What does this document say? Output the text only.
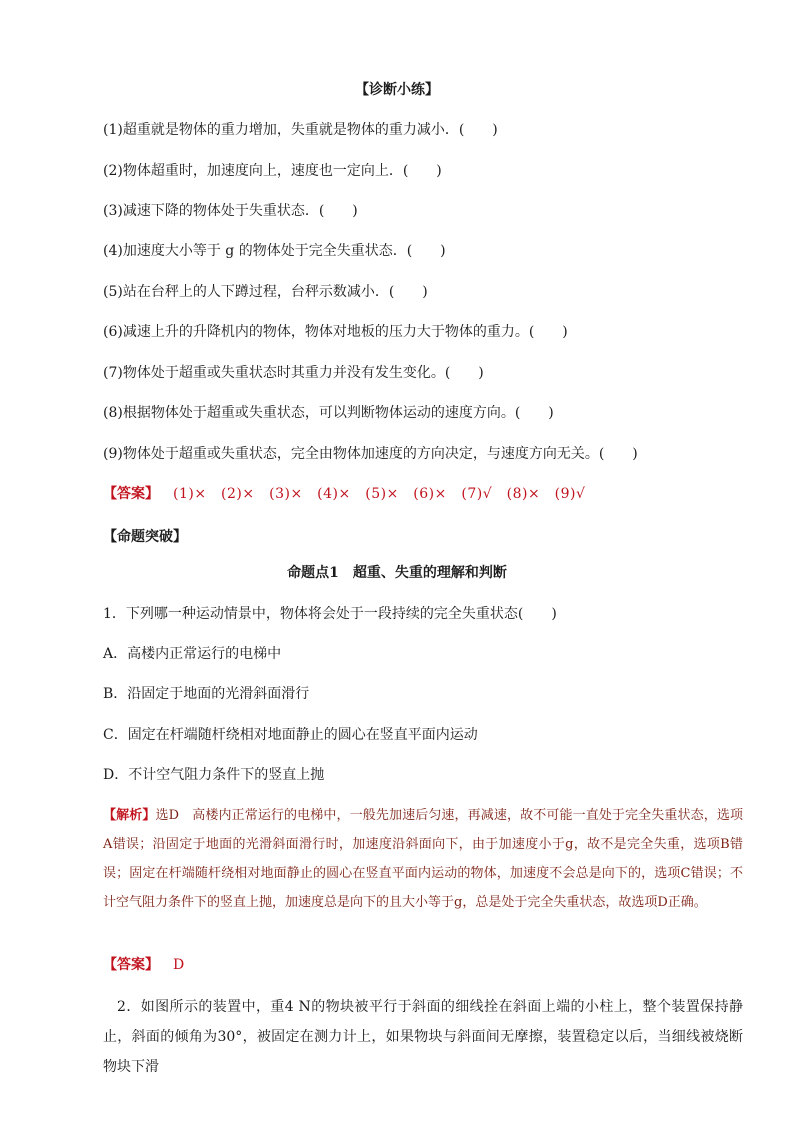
【诊断小练】
(1)超重就是物体的重力增加，失重就是物体的重力减小．(　　)
(2)物体超重时，加速度向上，速度也一定向上．(　　)
(3)减速下降的物体处于失重状态．(　　)
(4)加速度大小等于 g 的物体处于完全失重状态．(　　)
(5)站在台秤上的人下蹲过程，台秤示数减小．(　　)
(6)减速上升的升降机内的物体，物体对地板的压力大于物体的重力。(　　)
(7)物体处于超重或失重状态时其重力并没有发生变化。(　　)
(8)根据物体处于超重或失重状态，可以判断物体运动的速度方向。(　　)
(9)物体处于超重或失重状态，完全由物体加速度的方向决定，与速度方向无关。(　　)
【答案】 (1)×　(2)×　(3)×　(4)×　(5)×　(6)×　(7)√　(8)×　(9)√
【命题突破】
命题点1　超重、失重的理解和判断
1．下列哪一种运动情景中，物体将会处于一段持续的完全失重状态(　　)
A．高楼内正常运行的电梯中
B．沿固定于地面的光滑斜面滑行
C．固定在杆端随杆绕相对地面静止的圆心在竖直平面内运动
D．不计空气阻力条件下的竖直上抛
【解析】选D　高楼内正常运行的电梯中，一般先加速后匀速，再减速，故不可能一直处于完全失重状态，选项A错误；沿固定于地面的光滑斜面滑行时，加速度沿斜面向下，由于加速度小于g，故不是完全失重，选项B错误；固定在杆端随杆绕相对地面静止的圆心在竖直平面内运动的物体，加速度不会总是向下的，选项C错误；不计空气阻力条件下的竖直上抛，加速度总是向下的且大小等于g，总是处于完全失重状态，故选项D正确。
【答案】 D
2．如图所示的装置中，重4 N的物块被平行于斜面的细线拴在斜面上端的小柱上，整个装置保持静止，斜面的倾角为30°，被固定在测力计上，如果物块与斜面间无摩擦，装置稳定以后，当细线被烧断物块下滑
